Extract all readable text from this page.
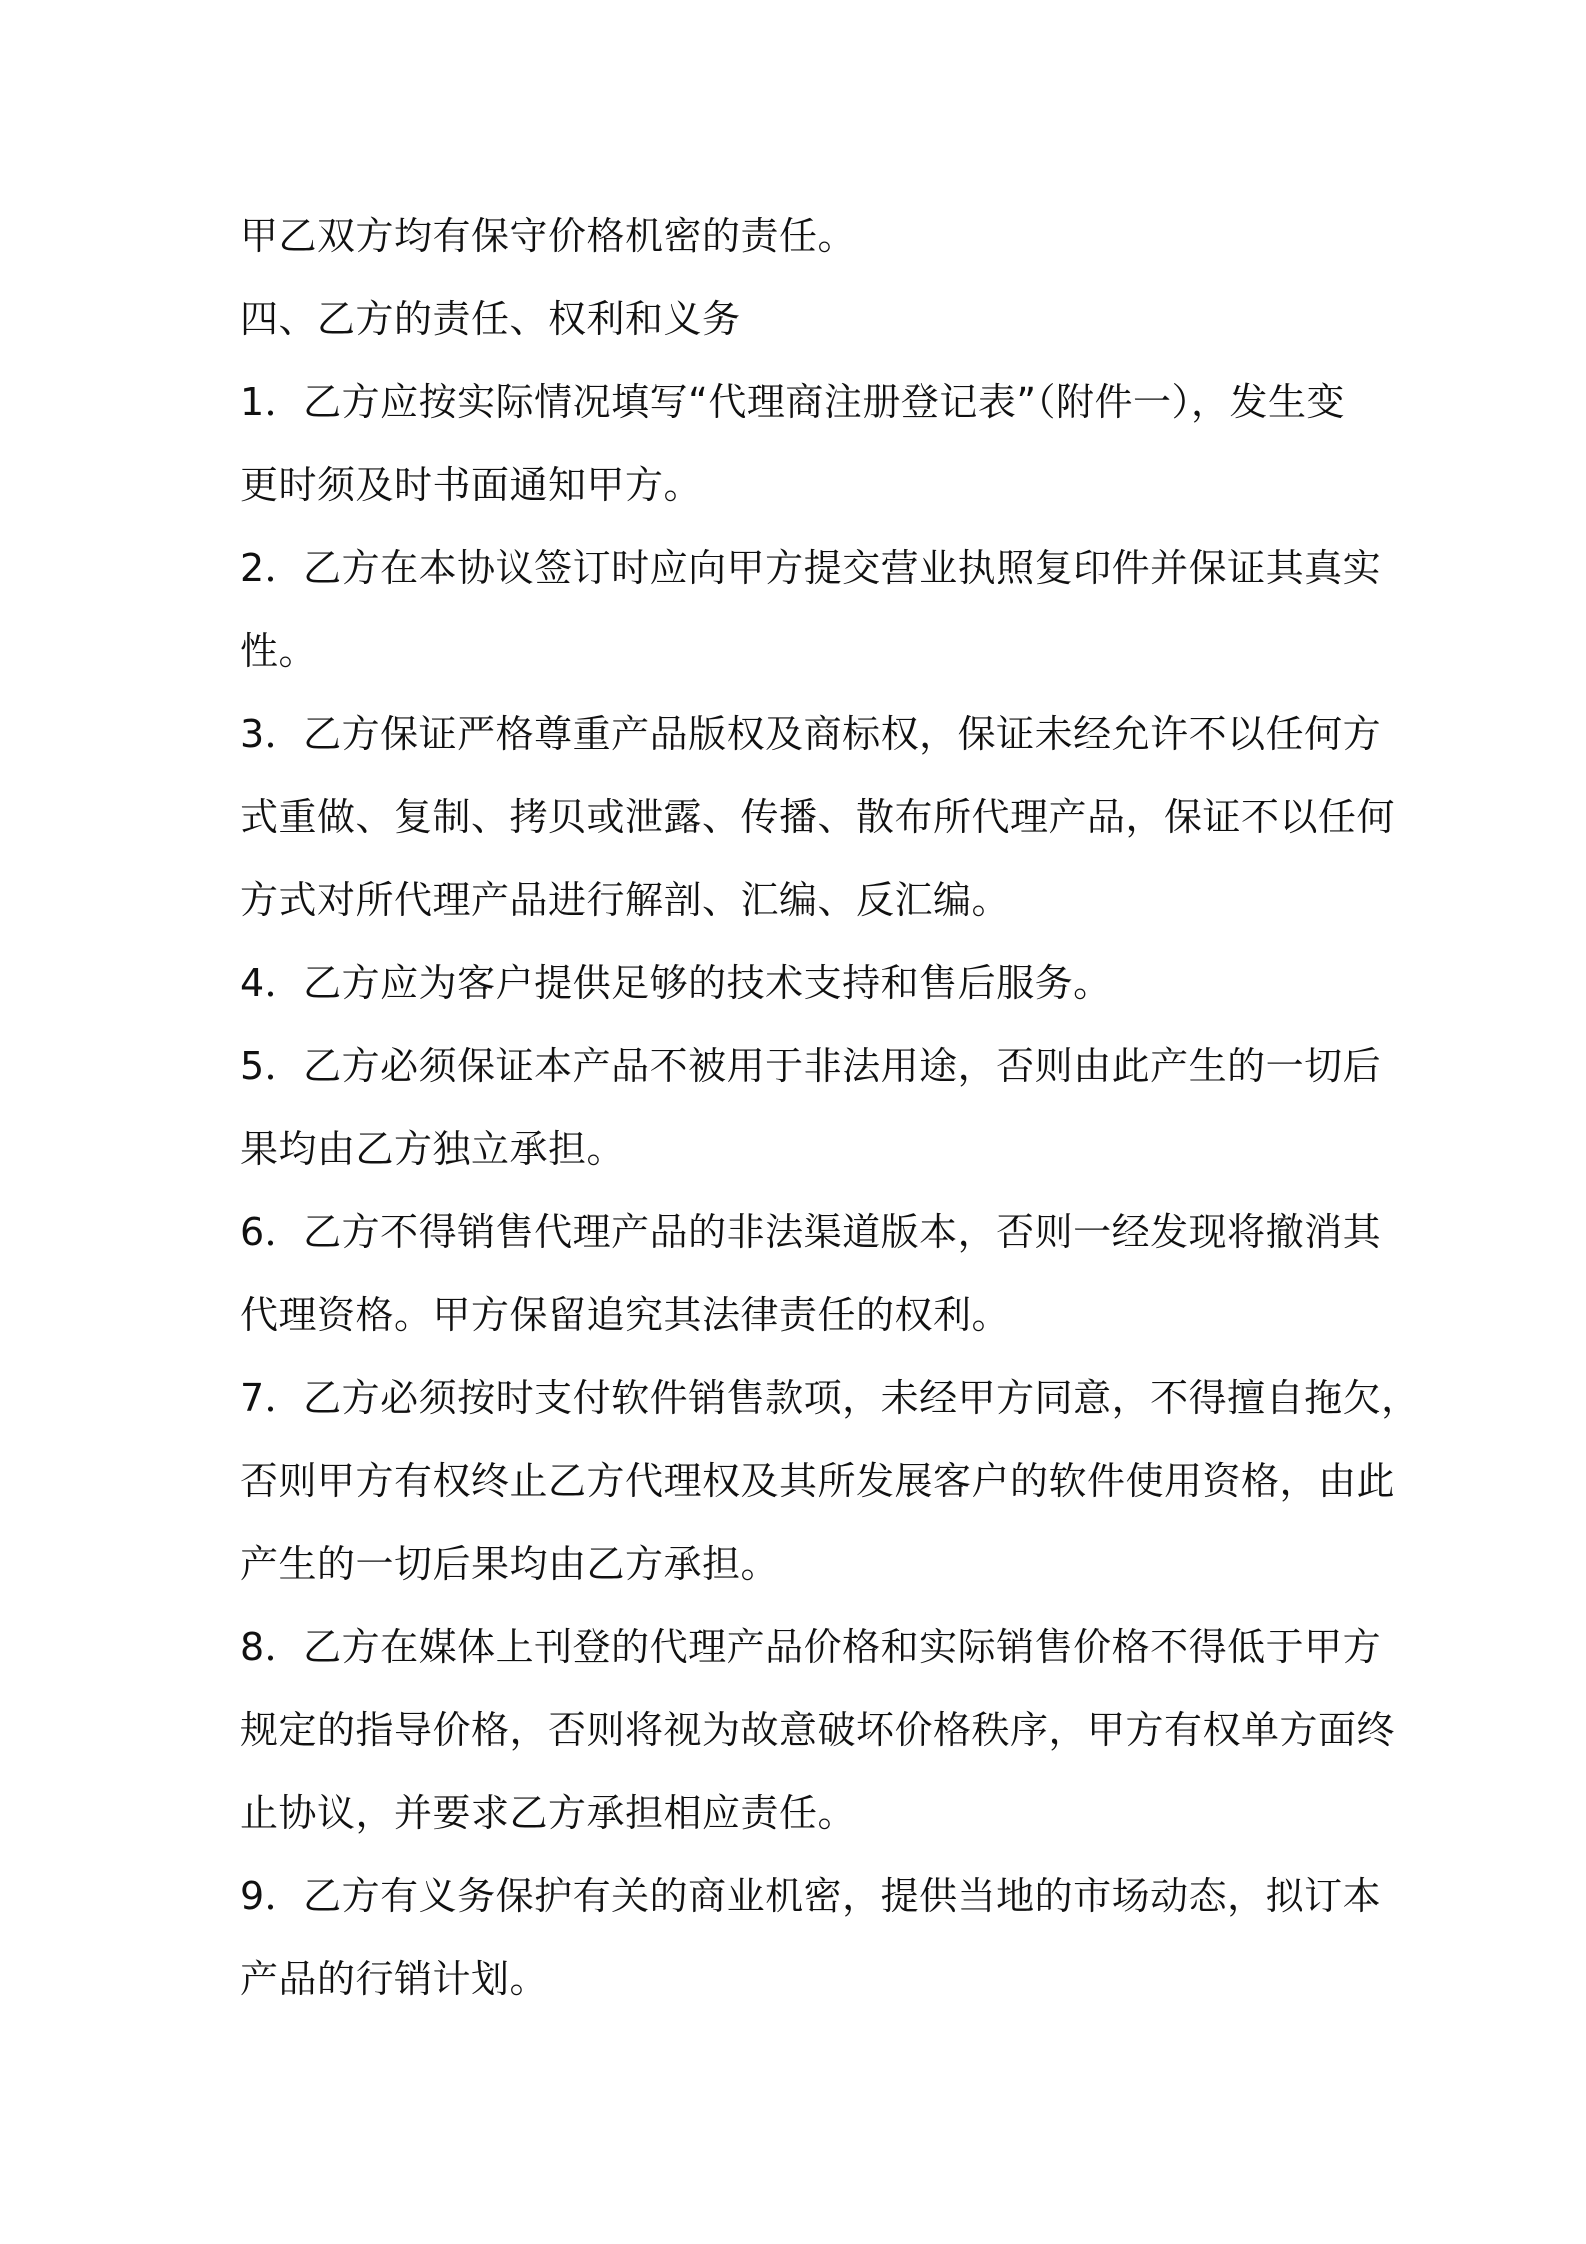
甲乙双方均有保守价格机密的责任。
四、乙方的责任、权利和义务
1．乙方应按实际情况填写“代理商注册登记表”（附件一），发生变
更时须及时书面通知甲方。
2．乙方在本协议签订时应向甲方提交营业执照复印件并保证其真实
性。
3．乙方保证严格尊重产品版权及商标权，保证未经允许不以任何方
式重做、复制、拷贝或泄露、传播、散布所代理产品，保证不以任何
方式对所代理产品进行解剖、汇编、反汇编。
4．乙方应为客户提供足够的技术支持和售后服务。
5．乙方必须保证本产品不被用于非法用途，否则由此产生的一切后
果均由乙方独立承担。
6．乙方不得销售代理产品的非法渠道版本，否则一经发现将撤消其
代理资格。甲方保留追究其法律责任的权利。
7．乙方必须按时支付软件销售款项，未经甲方同意，不得擅自拖欠，
否则甲方有权终止乙方代理权及其所发展客户的软件使用资格，由此
产生的一切后果均由乙方承担。
8．乙方在媒体上刊登的代理产品价格和实际销售价格不得低于甲方
规定的指导价格，否则将视为故意破坏价格秩序，甲方有权单方面终
止协议，并要求乙方承担相应责任。
9．乙方有义务保护有关的商业机密，提供当地的市场动态，拟订本
产品的行销计划。
